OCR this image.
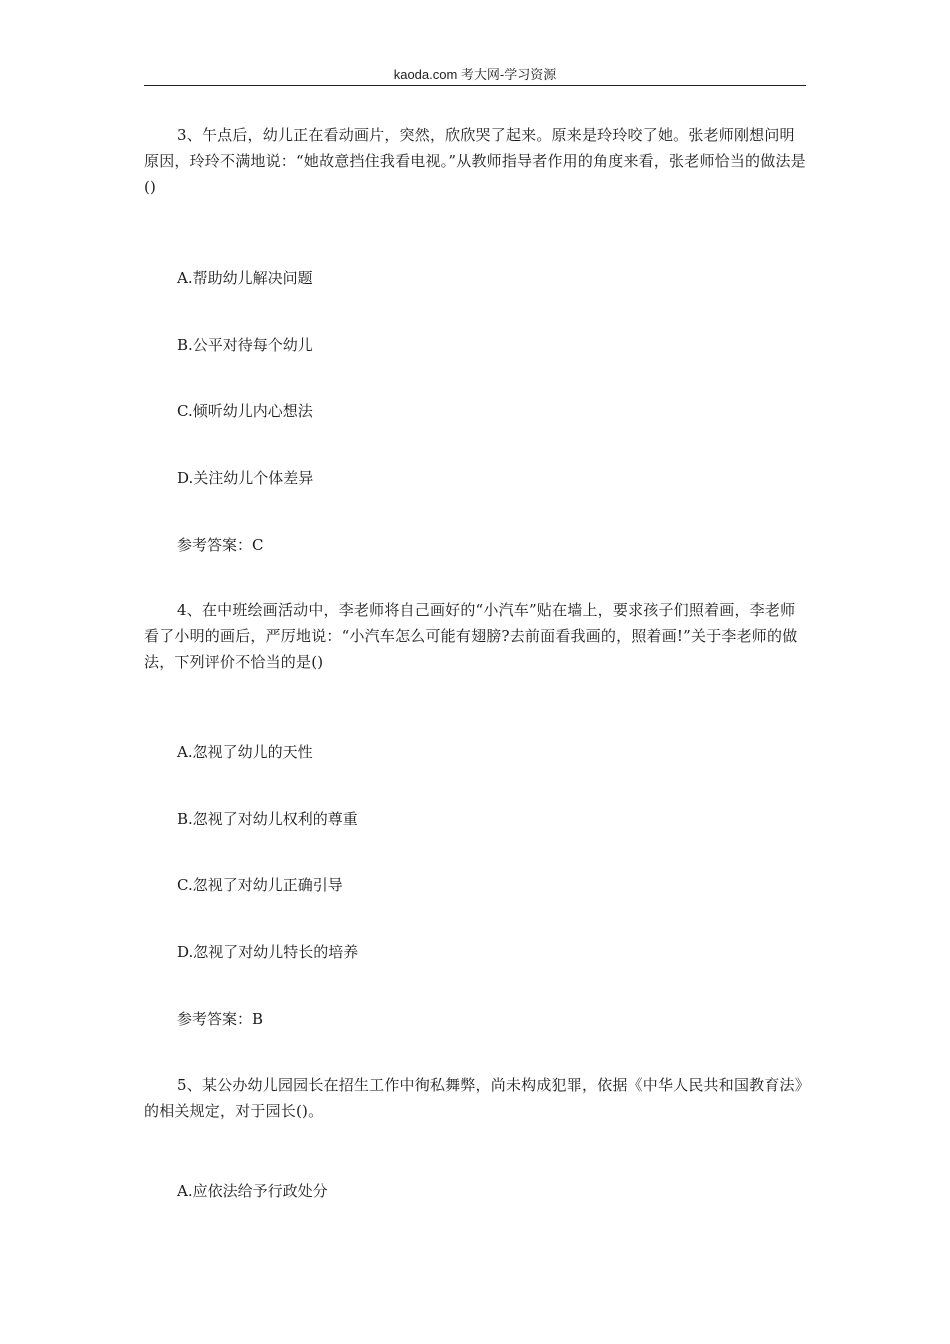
kaoda.com 考大网-学习资源
3、午点后，幼儿正在看动画片，突然，欣欣哭了起来。原来是玲玲咬了她。张老师刚想问明原因，玲玲不满地说：“她故意挡住我看电视。”从教师指导者作用的角度来看，张老师恰当的做法是()
A.帮助幼儿解决问题
B.公平对待每个幼儿
C.倾听幼儿内心想法
D.关注幼儿个体差异
参考答案：C
4、在中班绘画活动中，李老师将自己画好的“小汽车”贴在墙上，要求孩子们照着画，李老师看了小明的画后，严厉地说：“小汽车怎么可能有翅膀?去前面看我画的，照着画!”关于李老师的做法，下列评价不恰当的是()
A.忽视了幼儿的天性
B.忽视了对幼儿权利的尊重
C.忽视了对幼儿正确引导
D.忽视了对幼儿特长的培养
参考答案：B
5、某公办幼儿园园长在招生工作中徇私舞弊，尚未构成犯罪，依据《中华人民共和国教育法》的相关规定，对于园长()。
A.应依法给予行政处分
